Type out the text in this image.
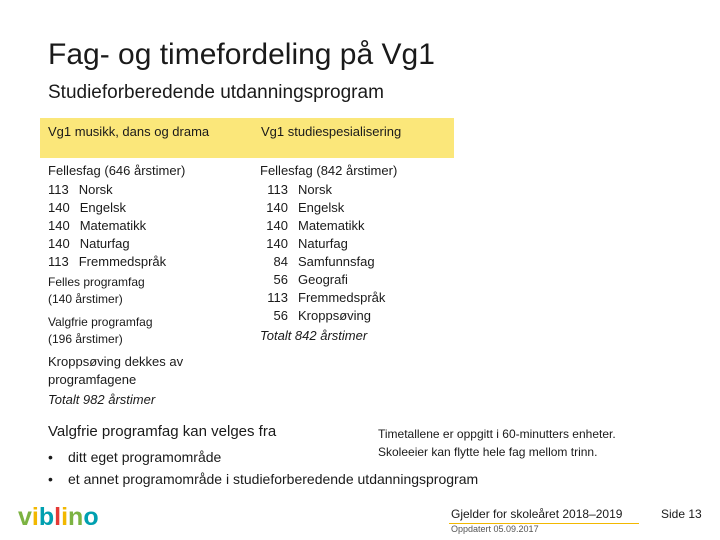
Fag- og timefordeling på Vg1
Studieforberedende utdanningsprogram
Vg1 musikk, dans og drama	Vg1 studiespesialisering
Fellesfag (646 årstimer)
113 Norsk
140 Engelsk
140 Matematikk
140 Naturfag
113 Fremmedspråk
Felles programfag
(140 årstimer)
Valgfrie programfag
(196 årstimer)
Kroppsøving dekkes av
programfagene
Totalt 982 årstimer
Fellesfag (842 årstimer)
113 Norsk
140 Engelsk
140 Matematikk
140 Naturfag
84 Samfunnsfag
56 Geografi
113 Fremmedspråk
56 Kroppsøving
Totalt 842 årstimer
Valgfrie programfag kan velges fra
• ditt eget programområde
• et annet programområde i studieforberedende utdanningsprogram
Timetallene er oppgitt i 60-minutters enheter.
Skoleeier kan flytte hele fag mellom trinn.
v i b l i n o	Gjelder for skoleåret 2018–2019
Oppdatert 05.09.2017
Side 13
